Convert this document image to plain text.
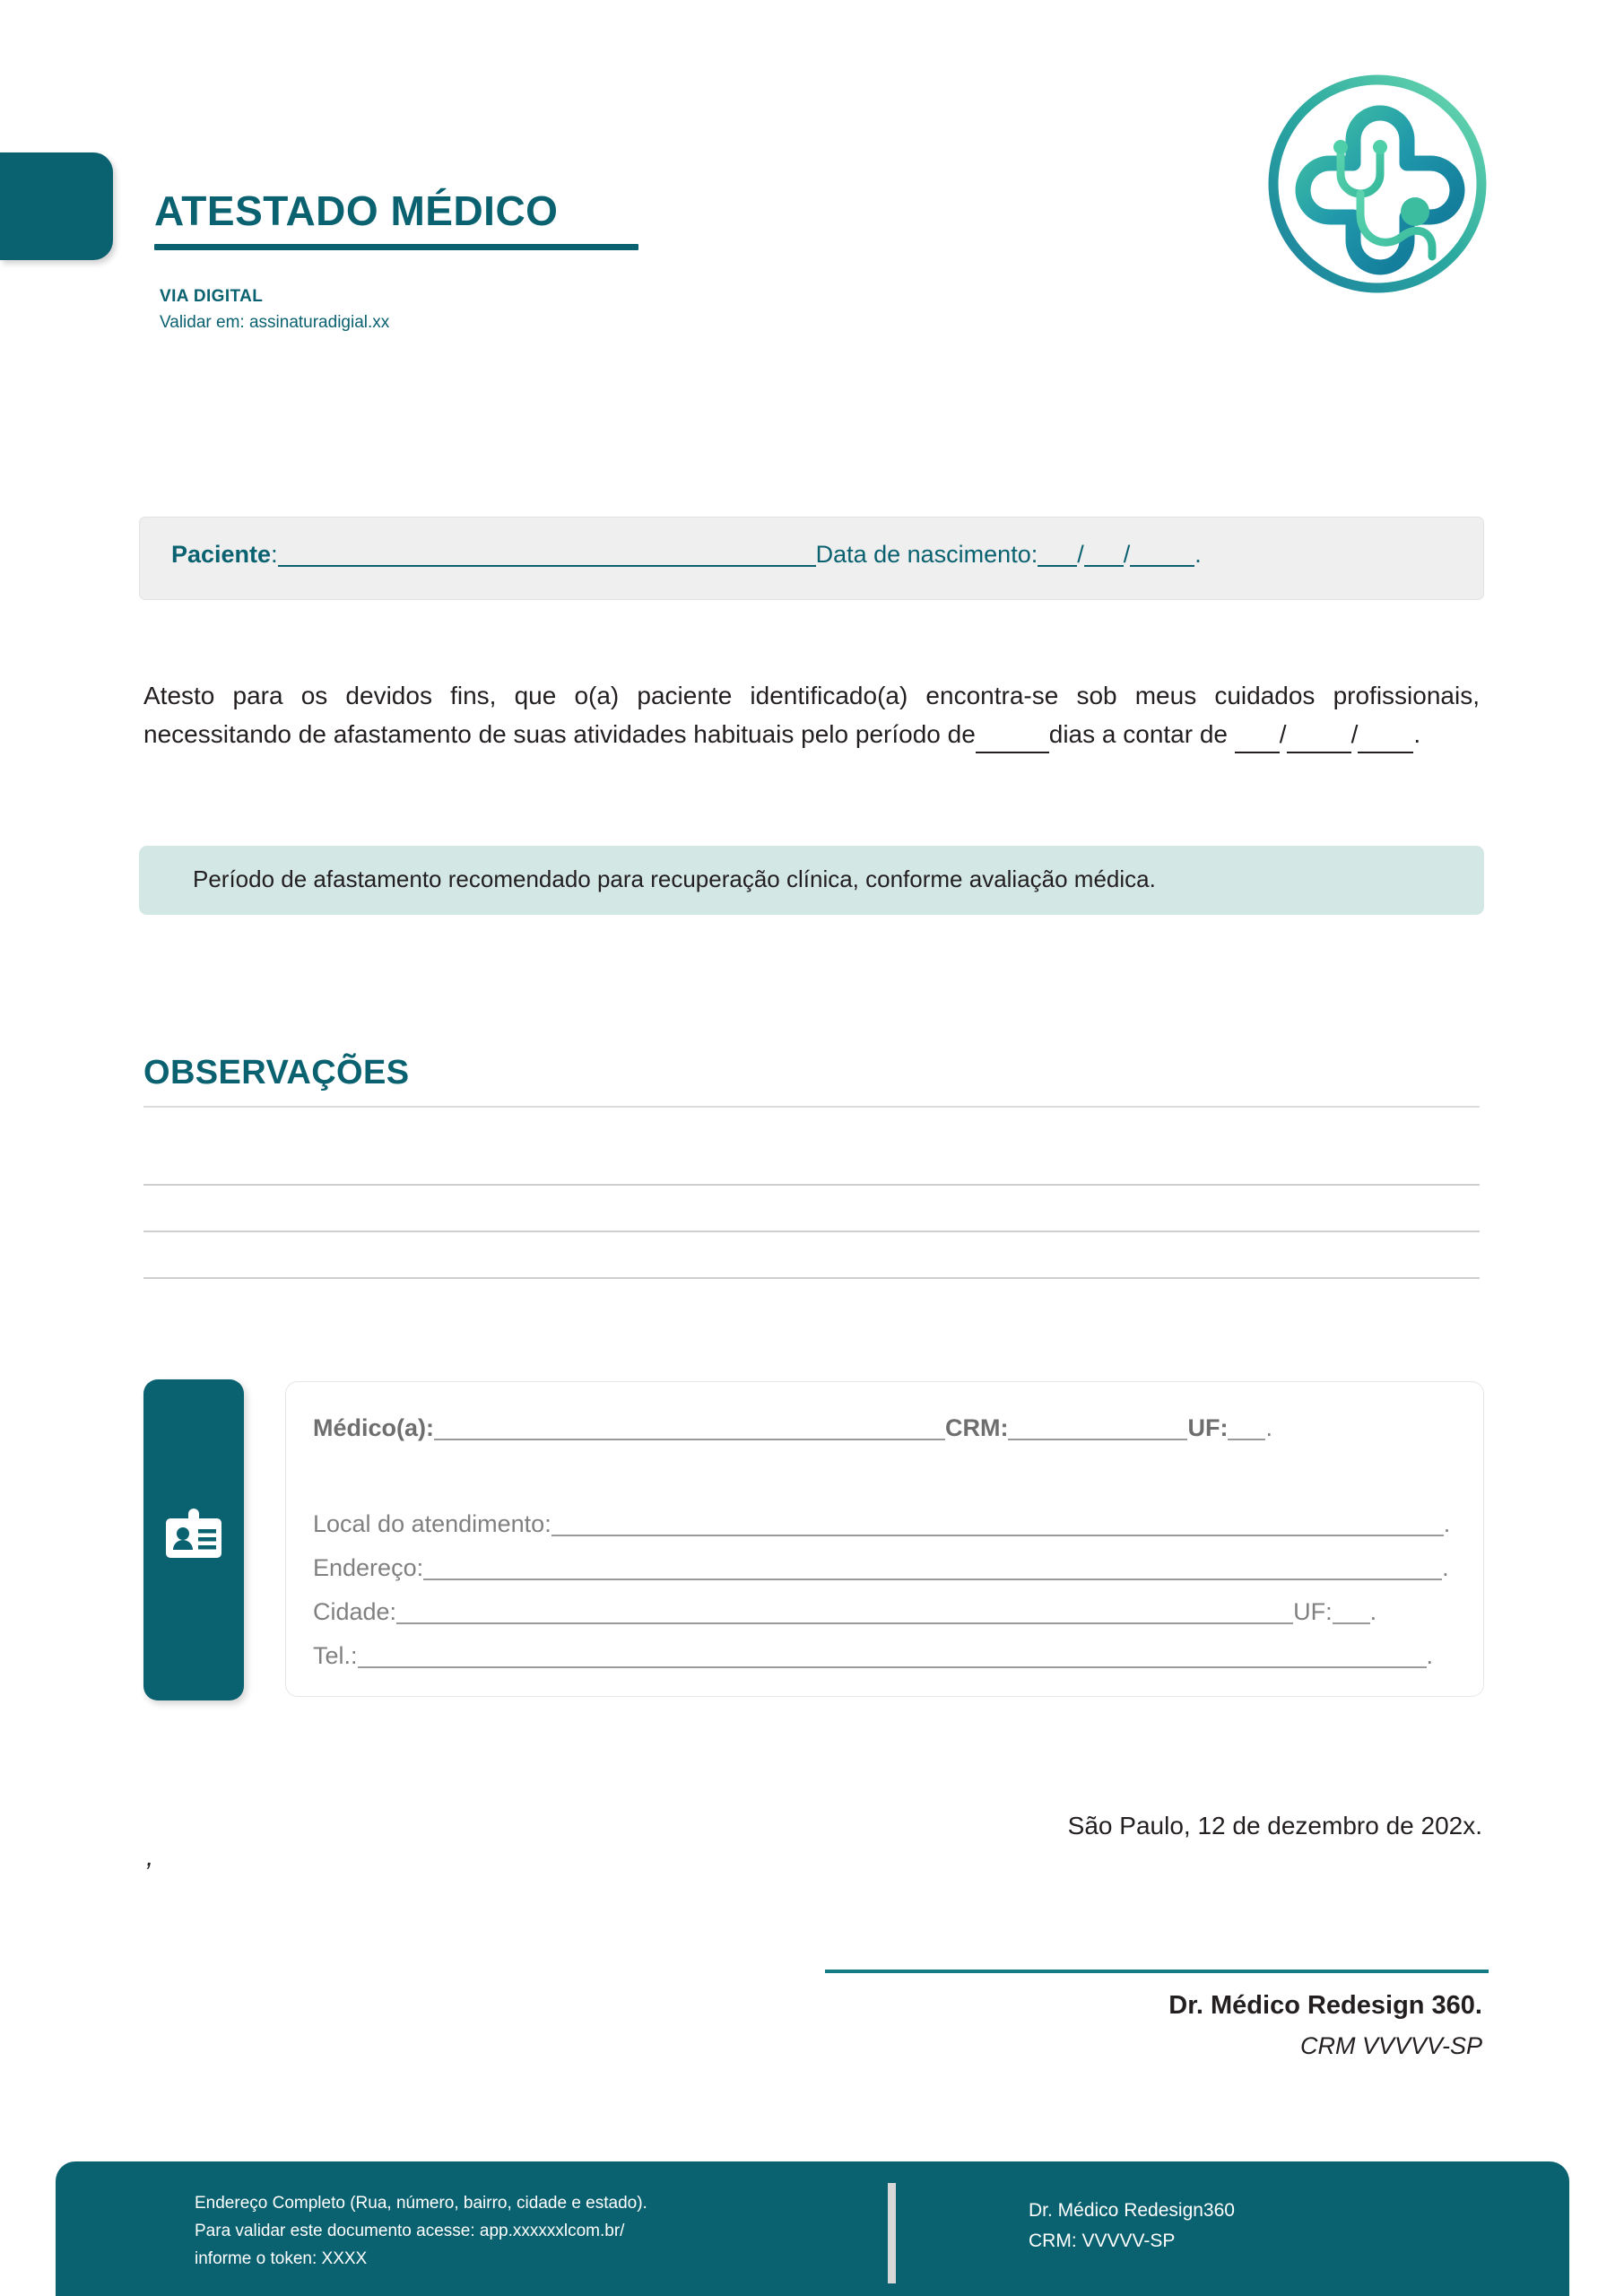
ATESTADO MÉDICO
VIA DIGITAL
Validar em: assinaturadigial.xx
Paciente:	Data de nascimento: / /	.
Atesto para os devidos fins, que o(a) paciente identificado(a) encontra-se sob meus cuidados profissionais, necessitando de afastamento de suas atividades habituais pelo período de	dias a contar de /	/ .
Período de afastamento recomendado para recuperação clínica, conforme avaliação médica.
OBSERVAÇÕES
Médico(a):	CRM:	UF: .
Local do atendimento:	.
Endereço:	.
Cidade:	UF: .
Tel.:	.
São Paulo, 12 de dezembro de 202x.
,
Dr. Médico Redesign 360.
CRM VVVVV-SP
Endereço Completo (Rua, número, bairro, cidade e estado).
Para validar este documento acesse: app.xxxxxxlcom.br/
informe o token: XXXX
Dr. Médico Redesign360
CRM: VVVVV-SP
